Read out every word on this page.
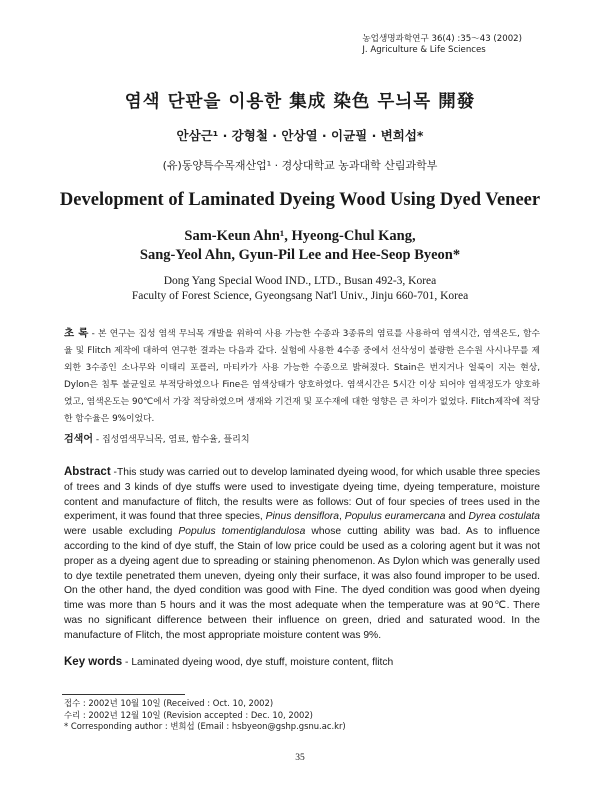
농업생명과학연구 36(4) :35～43 (2002)
J. Agriculture & Life Sciences
염색 단판을 이용한 集成 染色 무늬목 開發
안삼근¹ · 강형철 · 안상열 · 이균필 · 변희섭*
(유)동양특수목재산업¹ · 경상대학교 농과대학 산림과학부
Development of Laminated Dyeing Wood Using Dyed Veneer
Sam-Keun Ahn¹, Hyeong-Chul Kang,
Sang-Yeol Ahn, Gyun-Pil Lee and Hee-Seop Byeon*
Dong Yang Special Wood IND., LTD., Busan 492-3, Korea
Faculty of Forest Science, Gyeongsang Nat'l Univ., Jinju 660-701, Korea
초 록 - 본 연구는 집성 염색 무늬목 개발을 위하여 사용 가능한 수종과 3종류의 염료를 사용하여 염색시간, 염색온도, 함수율 및 Flitch 제작에 대하여 연구한 결과는 다음과 같다. 실험에 사용한 4수종 중에서 선삭성이 불량한 은수원 사시나무를 제외한 3수종인 소나무와 이태리 포플러, 마티카가 사용 가능한 수종으로 밝혀졌다. Stain은 번지거나 얼룩이 지는 현상, Dylon은 침투 불균일로 부적당하였으나 Fine은 염색상태가 양호하였다. 염색시간은 5시간 이상 되어야 염색정도가 양호하였고, 염색온도는 90℃에서 가장 적당하였으며 생재와 기건재 및 포수재에 대한 영향은 큰 차이가 없었다. Flitch제작에 적당한 함수율은 9%이었다.
검색어 - 집성염색무늬목, 염료, 함수율, 플리치
Abstract -This study was carried out to develop laminated dyeing wood, for which usable three species of trees and 3 kinds of dye stuffs were used to investigate dyeing time, dyeing temperature, moisture content and manufacture of flitch, the results were as follows: Out of four species of trees used in the experiment, it was found that three species, Pinus densiflora, Populus euramercana and Dyrea costulata were usable excluding Populus tomentiglandulosa whose cutting ability was bad. As to influence according to the kind of dye stuff, the Stain of low price could be used as a coloring agent but it was not proper as a dyeing agent due to spreading or staining phenomenon. As Dylon which was generally used to dye textile penetrated them uneven, dyeing only their surface, it was also found improper to be used. On the other hand, the dyed condition was good with Fine. The dyed condition was good when dyeing time was more than 5 hours and it was the most adequate when the temperature was at 90℃. There was no significant difference between their influence on green, dried and saturated wood. In the manufacture of Flitch, the most appropriate moisture content was 9%.
Key words - Laminated dyeing wood, dye stuff, moisture content, flitch
접수 : 2002년 10월 10일 (Received : Oct. 10, 2002)
수리 : 2002년 12월 10일 (Revision accepted : Dec. 10, 2002)
* Corresponding author : 변희섭 (Email : hsbyeon@gshp.gsnu.ac.kr)
35
